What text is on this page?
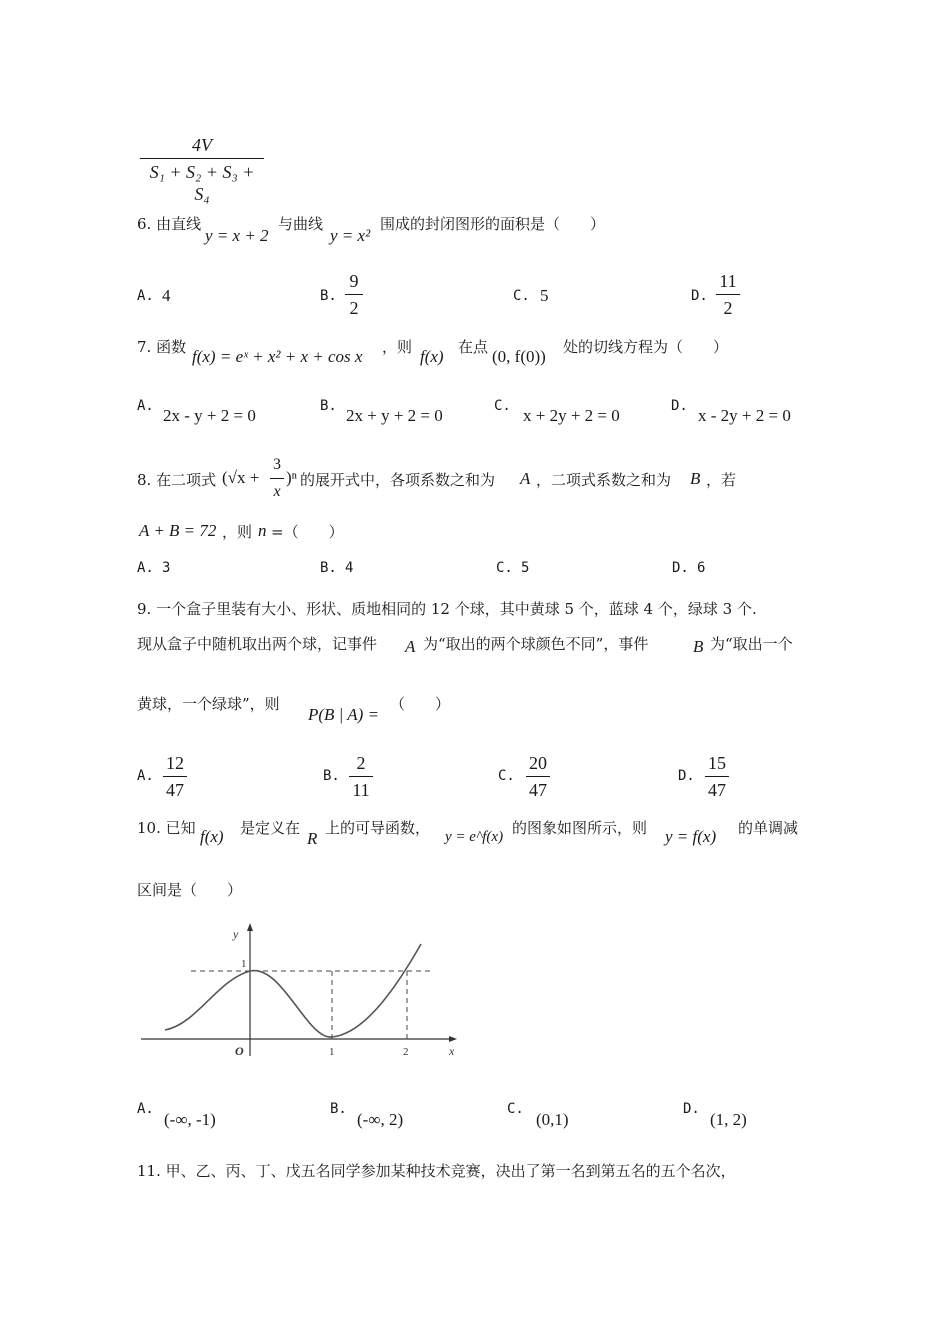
4V
S₁ + S₂ + S₃ + S₄
6. 由直线
y = x + 2
与曲线
y = x²
围成的封闭图形的面积是（　　）
A. 4	B.
9
2
C. 5	D.
11
2
7. 函数 f(x) = eˣ + x² + x + cos x ，则 f(x) 在点 (0, f(0)) 处的切线方程为（　　）
A. 2x - y + 2 = 0	B. 2x + y + 2 = 0	C. x + 2y + 2 = 0	D. x - 2y + 2 = 0
8. 在二项式 (√x +
3
x
)ⁿ 的展开式中，各项系数之和为 A ，二项式系数之和为 B ，若
A + B = 72 ，则 n =（　　）
A. 3	B. 4	C. 5	D. 6
9. 一个盒子里装有大小、形状、质地相同的 12 个球，其中黄球 5 个，蓝球 4 个，绿球 3 个.
现从盒子中随机取出两个球，记事件 A 为“取出的两个球颜色不同”，事件	B 为“取出一个
黄球，一个绿球”，则
P(B | A) =
（　　）
A.
12
47
B.
2
11
C.
20
47
D.
15
47
10. 已知 f(x) 是定义在
R
上的可导函数， y = e^f(x) 的图象如图所示，则 y = f(x) 的单调减
区间是（　　）
y
x
O
1
1	2
A.
(-∞, -1)
B.
(-∞, 2)
C.
(0,1)
D.
(1, 2)
11. 甲、乙、丙、丁、戊五名同学参加某种技术竞赛，决出了第一名到第五名的五个名次，
